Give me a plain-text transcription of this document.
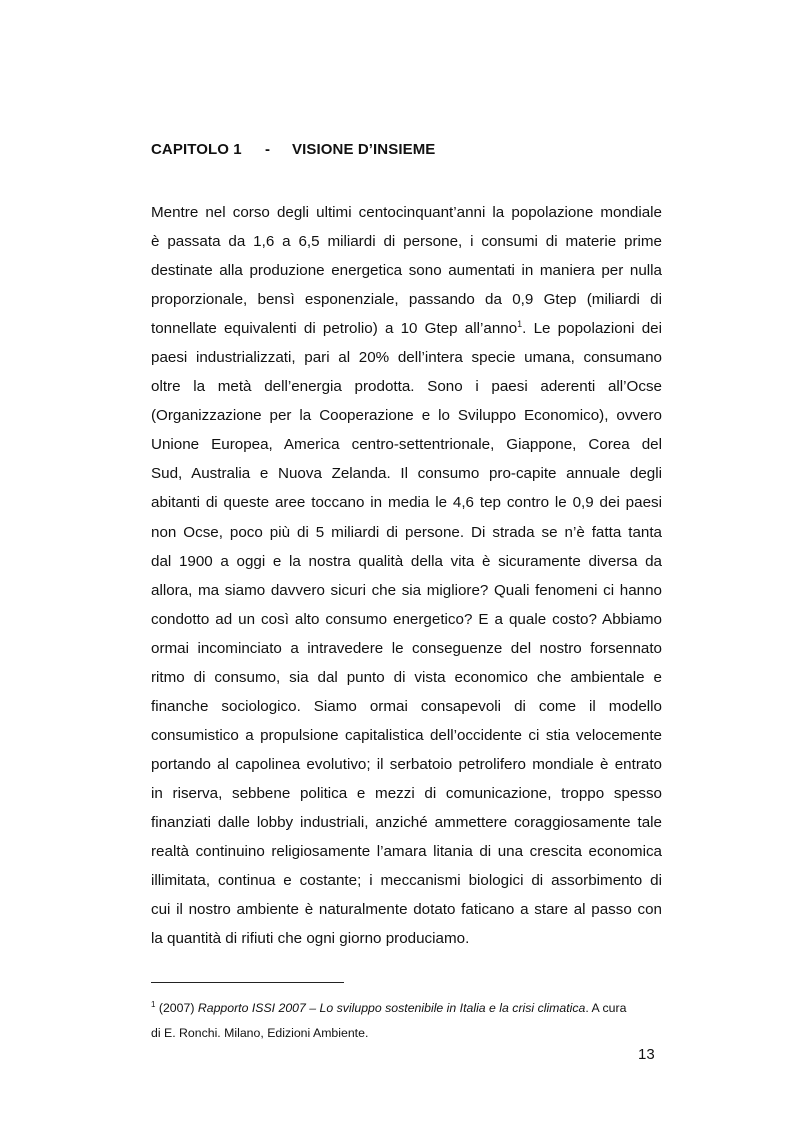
CAPITOLO 1 - VISIONE D’INSIEME

Mentre nel corso degli ultimi centocinquant’anni la popolazione mondiale
è passata da 1,6 a 6,5 miliardi di persone, i consumi di materie prime
destinate alla produzione energetica sono aumentati in maniera per nulla
proporzionale, bensì esponenziale, passando da 0,9 Gtep (miliardi di
tonnellate equivalenti di petrolio) a 10 Gtep all’anno$^1$. Le popolazioni dei
paesi industrializzati, pari al 20% dell’intera specie umana, consumano
oltre la metà dell’energia prodotta. Sono i paesi aderenti all’Ocse
(Organizzazione per la Cooperazione e lo Sviluppo Economico), ovvero
Unione Europea, America centro-settentrionale, Giappone, Corea del
Sud, Australia e Nuova Zelanda. Il consumo pro-capite annuale degli
abitanti di queste aree toccano in media le 4,6 tep contro le 0,9 dei paesi
non Ocse, poco più di 5 miliardi di persone. Di strada se n’è fatta tanta
dal 1900 a oggi e la nostra qualità della vita è sicuramente diversa da
allora, ma siamo davvero sicuri che sia migliore? Quali fenomeni ci hanno
condotto ad un così alto consumo energetico? E a quale costo? Abbiamo
ormai incominciato a intravedere le conseguenze del nostro forsennato
ritmo di consumo, sia dal punto di vista economico che ambientale e
finanche sociologico. Siamo ormai consapevoli di come il modello
consumistico a propulsione capitalistica dell’occidente ci stia velocemente
portando al capolinea evolutivo; il serbatoio petrolifero mondiale è entrato
in riserva, sebbene politica e mezzi di comunicazione, troppo spesso
finanziati dalle lobby industriali, anziché ammettere coraggiosamente tale
realtà continuino religiosamente l’amara litania di una crescita economica
illimitata, continua e costante; i meccanismi biologici di assorbimento di
cui il nostro ambiente è naturalmente dotato faticano a stare al passo con
la quantità di rifiuti che ogni giorno produciamo.

$^1$ (2007) Rapporto ISSI 2007 – Lo sviluppo sostenibile in Italia e la crisi climatica. A cura
di E. Ronchi. Milano, Edizioni Ambiente.

13
